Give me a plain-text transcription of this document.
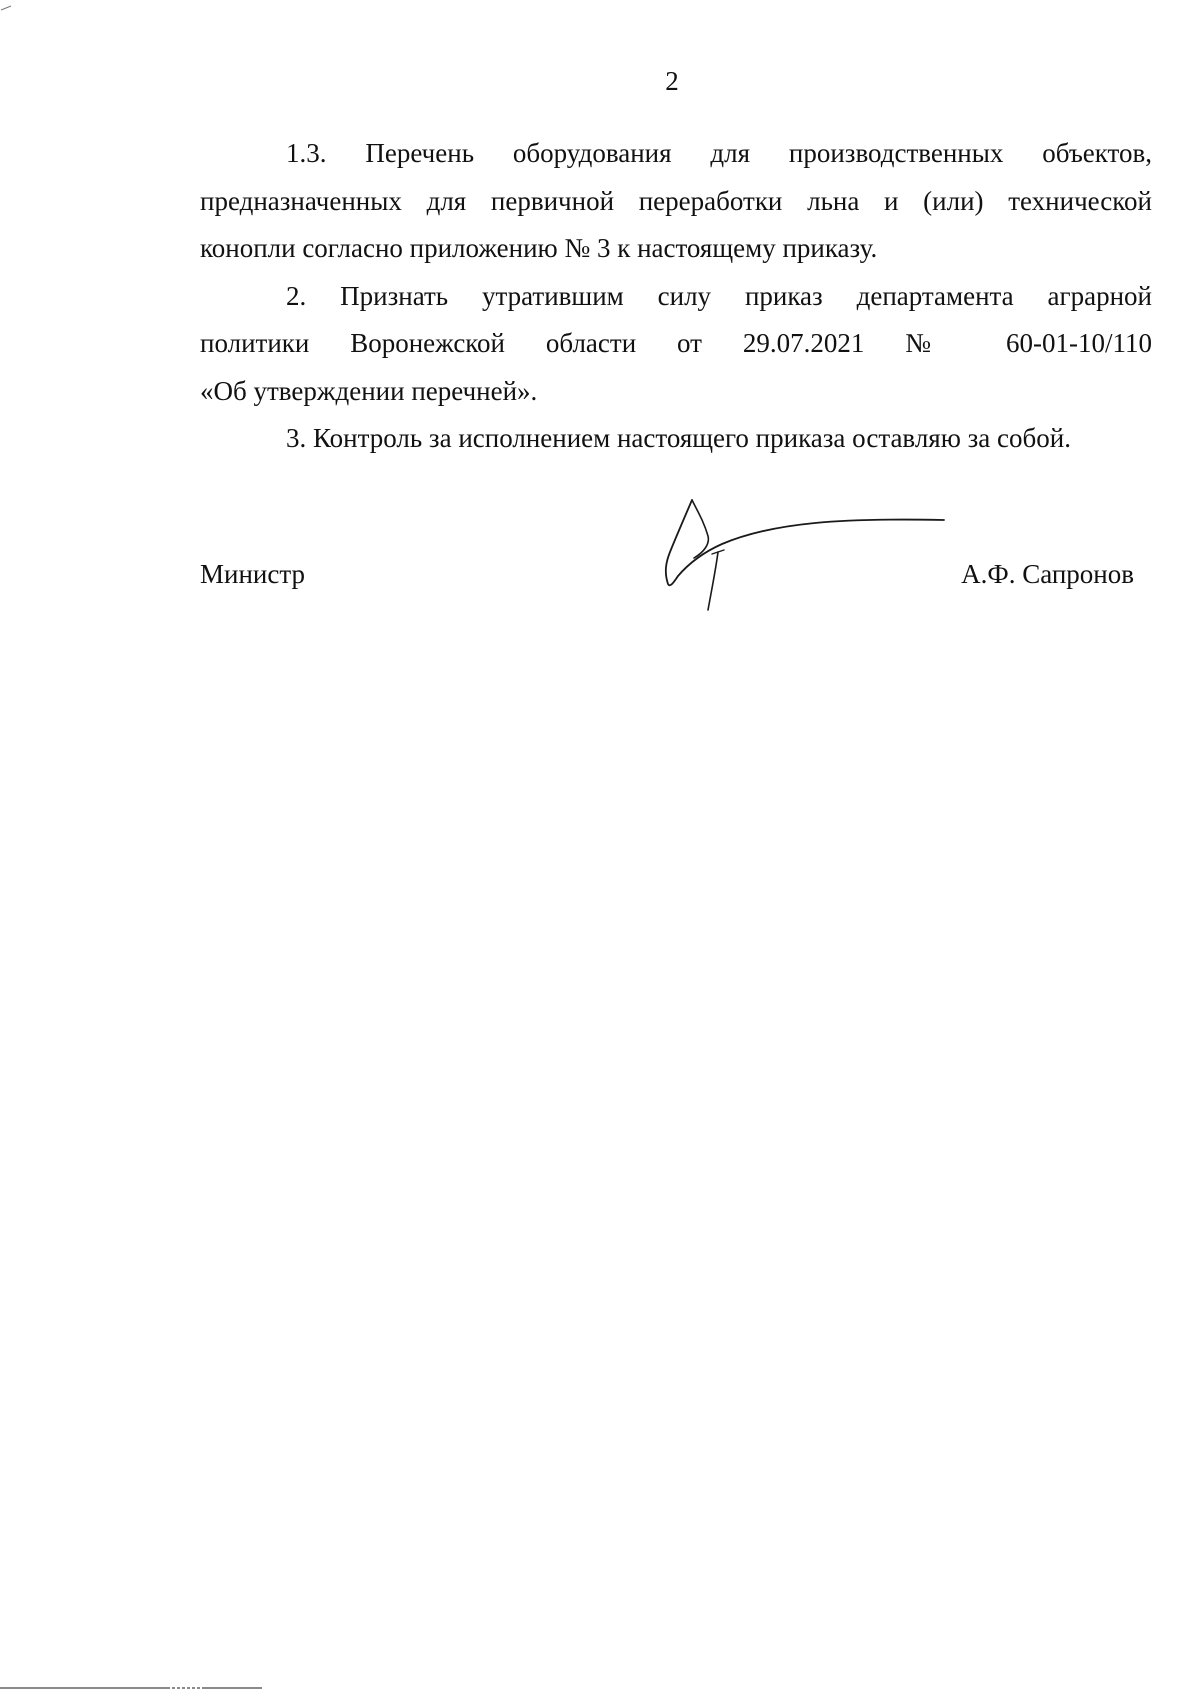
2
1.3. Перечень оборудования для производственных объектов,
предназначенных для первичной переработки льна и (или) технической
конопли согласно приложению № 3 к настоящему приказу.
2. Признать утратившим силу приказ департамента аграрной
политики Воронежской области от 29.07.2021 № 60-01-10/110
«Об утверждении перечней».
3. Контроль за исполнением настоящего приказа оставляю за собой.
Министр	А.Ф. Сапронов
